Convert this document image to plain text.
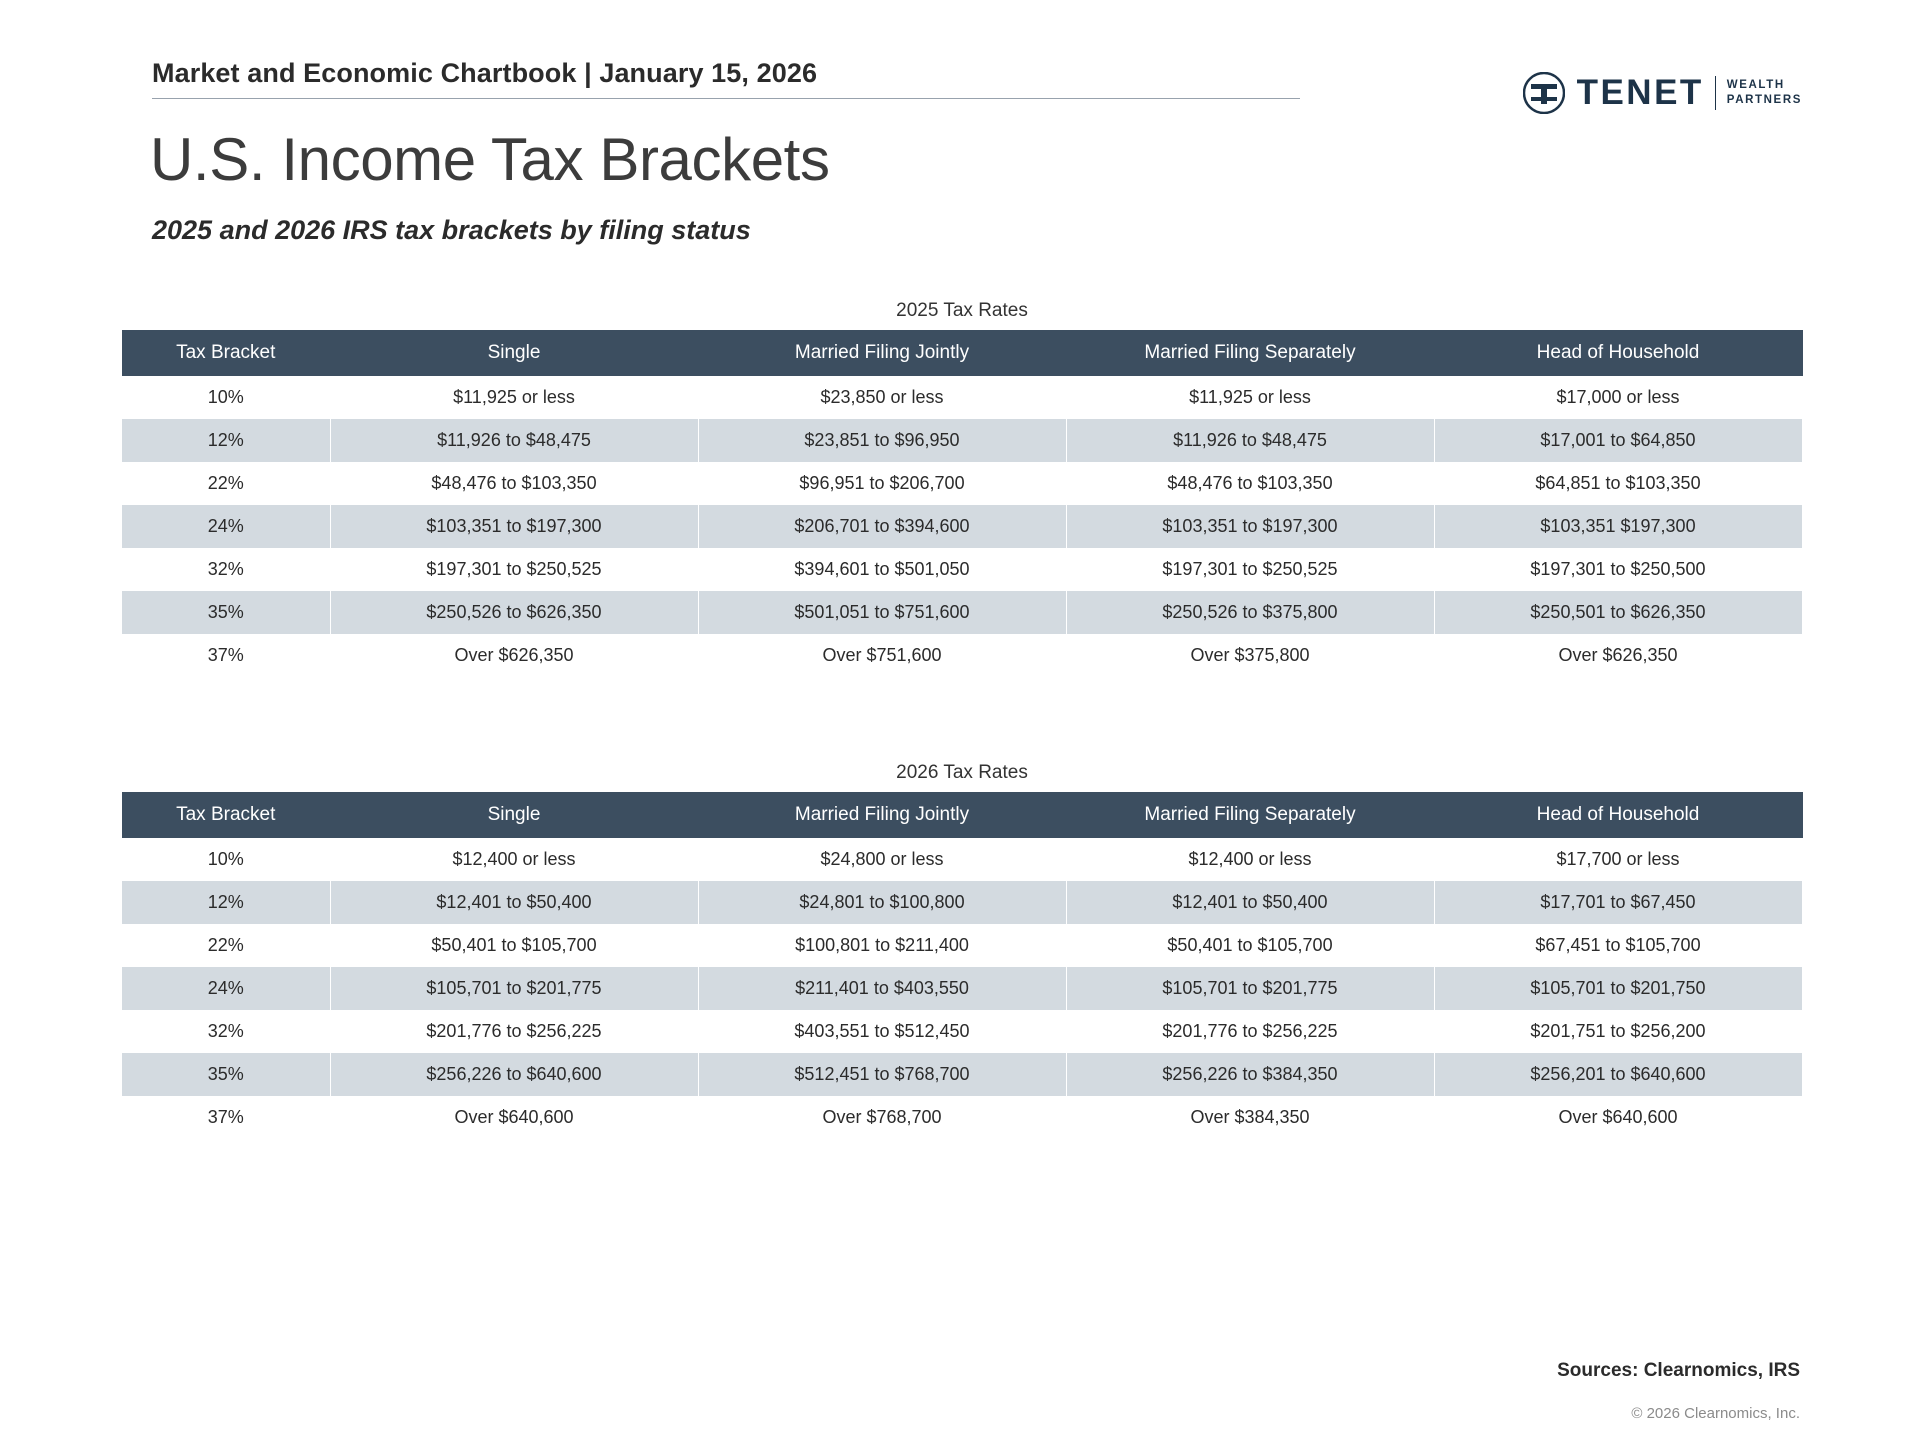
Market and Economic Chartbook | January 15, 2026	TENET WEALTH
PARTNERS
U.S. Income Tax Brackets
2025 and 2026 IRS tax brackets by filing status
2025 Tax Rates
Tax Bracket	Single	Married Filing Jointly	Married Filing Separately	Head of Household
10%	$11,925 or less	$23,850 or less	$11,925 or less	$17,000 or less
12%	$11,926 to $48,475	$23,851 to $96,950	$11,926 to $48,475	$17,001 to $64,850
22%	$48,476 to $103,350	$96,951 to $206,700	$48,476 to $103,350	$64,851 to $103,350
24%	$103,351 to $197,300	$206,701 to $394,600	$103,351 to $197,300	$103,351 $197,300
32%	$197,301 to $250,525	$394,601 to $501,050	$197,301 to $250,525	$197,301 to $250,500
35%	$250,526 to $626,350	$501,051 to $751,600	$250,526 to $375,800	$250,501 to $626,350
37%	Over $626,350	Over $751,600	Over $375,800	Over $626,350
2026 Tax Rates
Tax Bracket	Single	Married Filing Jointly	Married Filing Separately	Head of Household
10%	$12,400 or less	$24,800 or less	$12,400 or less	$17,700 or less
12%	$12,401 to $50,400	$24,801 to $100,800	$12,401 to $50,400	$17,701 to $67,450
22%	$50,401 to $105,700	$100,801 to $211,400	$50,401 to $105,700	$67,451 to $105,700
24%	$105,701 to $201,775	$211,401 to $403,550	$105,701 to $201,775	$105,701 to $201,750
32%	$201,776 to $256,225	$403,551 to $512,450	$201,776 to $256,225	$201,751 to $256,200
35%	$256,226 to $640,600	$512,451 to $768,700	$256,226 to $384,350	$256,201 to $640,600
37%	Over $640,600	Over $768,700	Over $384,350	Over $640,600
Sources: Clearnomics, IRS
© 2026 Clearnomics, Inc.
